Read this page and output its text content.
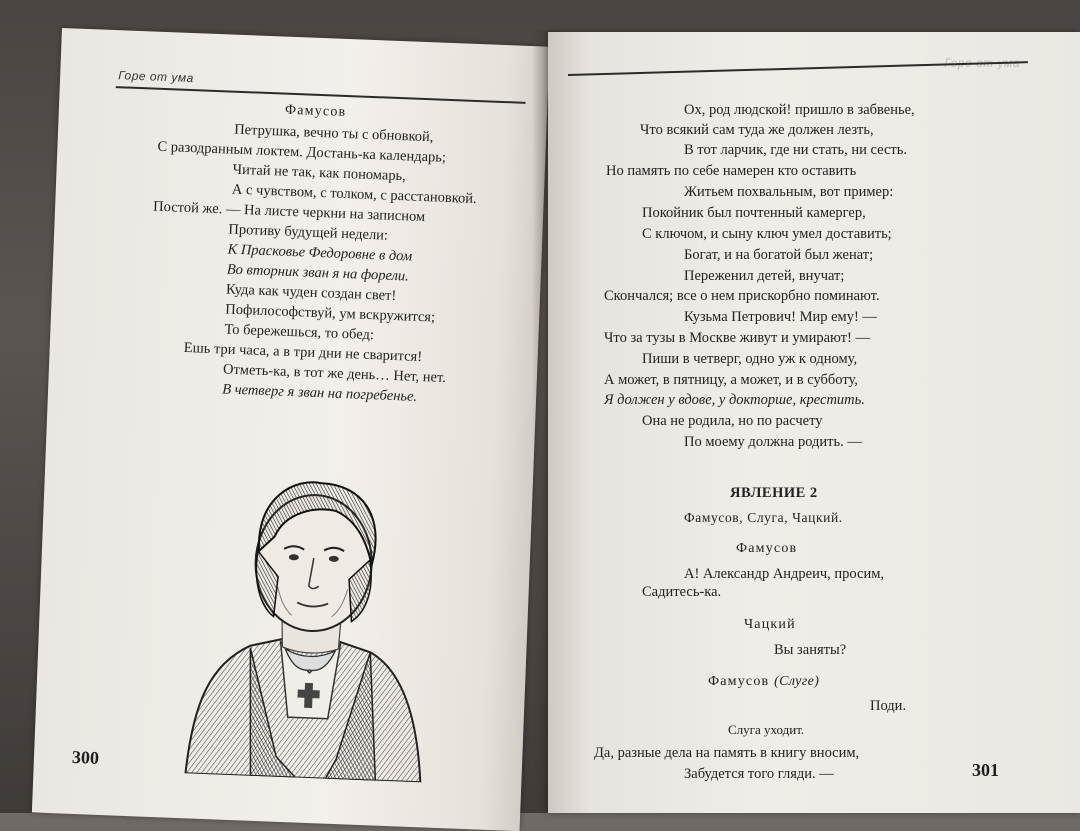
Горе от ума
Фамусов
Петрушка, вечно ты с обновкой,
С разодранным локтем. Достань-ка календарь;
Читай не так, как пономарь,
А с чувством, с толком, с расстановкой.
Постой же. — На листе черкни на записном
Противу будущей недели:
К Прасковье Федоровне в дом
Во вторник зван я на форели.
Куда как чуден создан свет!
Пофилософствуй, ум вскружится;
То бережешься, то обед:
Ешь три часа, а в три дни не сварится!
Отметь-ка, в тот же день… Нет, нет.
В четверг я зван на погребенье.
300
Ох, род людской! пришло в забвенье,
Что всякий сам туда же должен лезть,
В тот ларчик, где ни стать, ни сесть.
Но память по себе намерен кто оставить
Житьем похвальным, вот пример:
Покойник был почтенный камергер,
С ключом, и сыну ключ умел доставить;
Богат, и на богатой был женат;
Переженил детей, внучат;
Скончался; все о нем прискорбно поминают.
Кузьма Петрович! Мир ему! —
Что за тузы в Москве живут и умирают! —
Пиши в четверг, одно уж к одному,
А может, в пятницу, а может, и в субботу,
Я должен у вдове, у докторше, крестить.
Она не родила, но по расчету
По моему должна родить. —
ЯВЛЕНИЕ 2
Фамусов, Слуга, Чацкий.
Фамусов
А! Александр Андреич, просим,
Садитесь-ка.
Чацкий
Вы заняты?
Фамусов (Слуге)
Поди.
Слуга уходит.
Да, разные дела на память в книгу вносим,
Забудется того гляди. —	301
